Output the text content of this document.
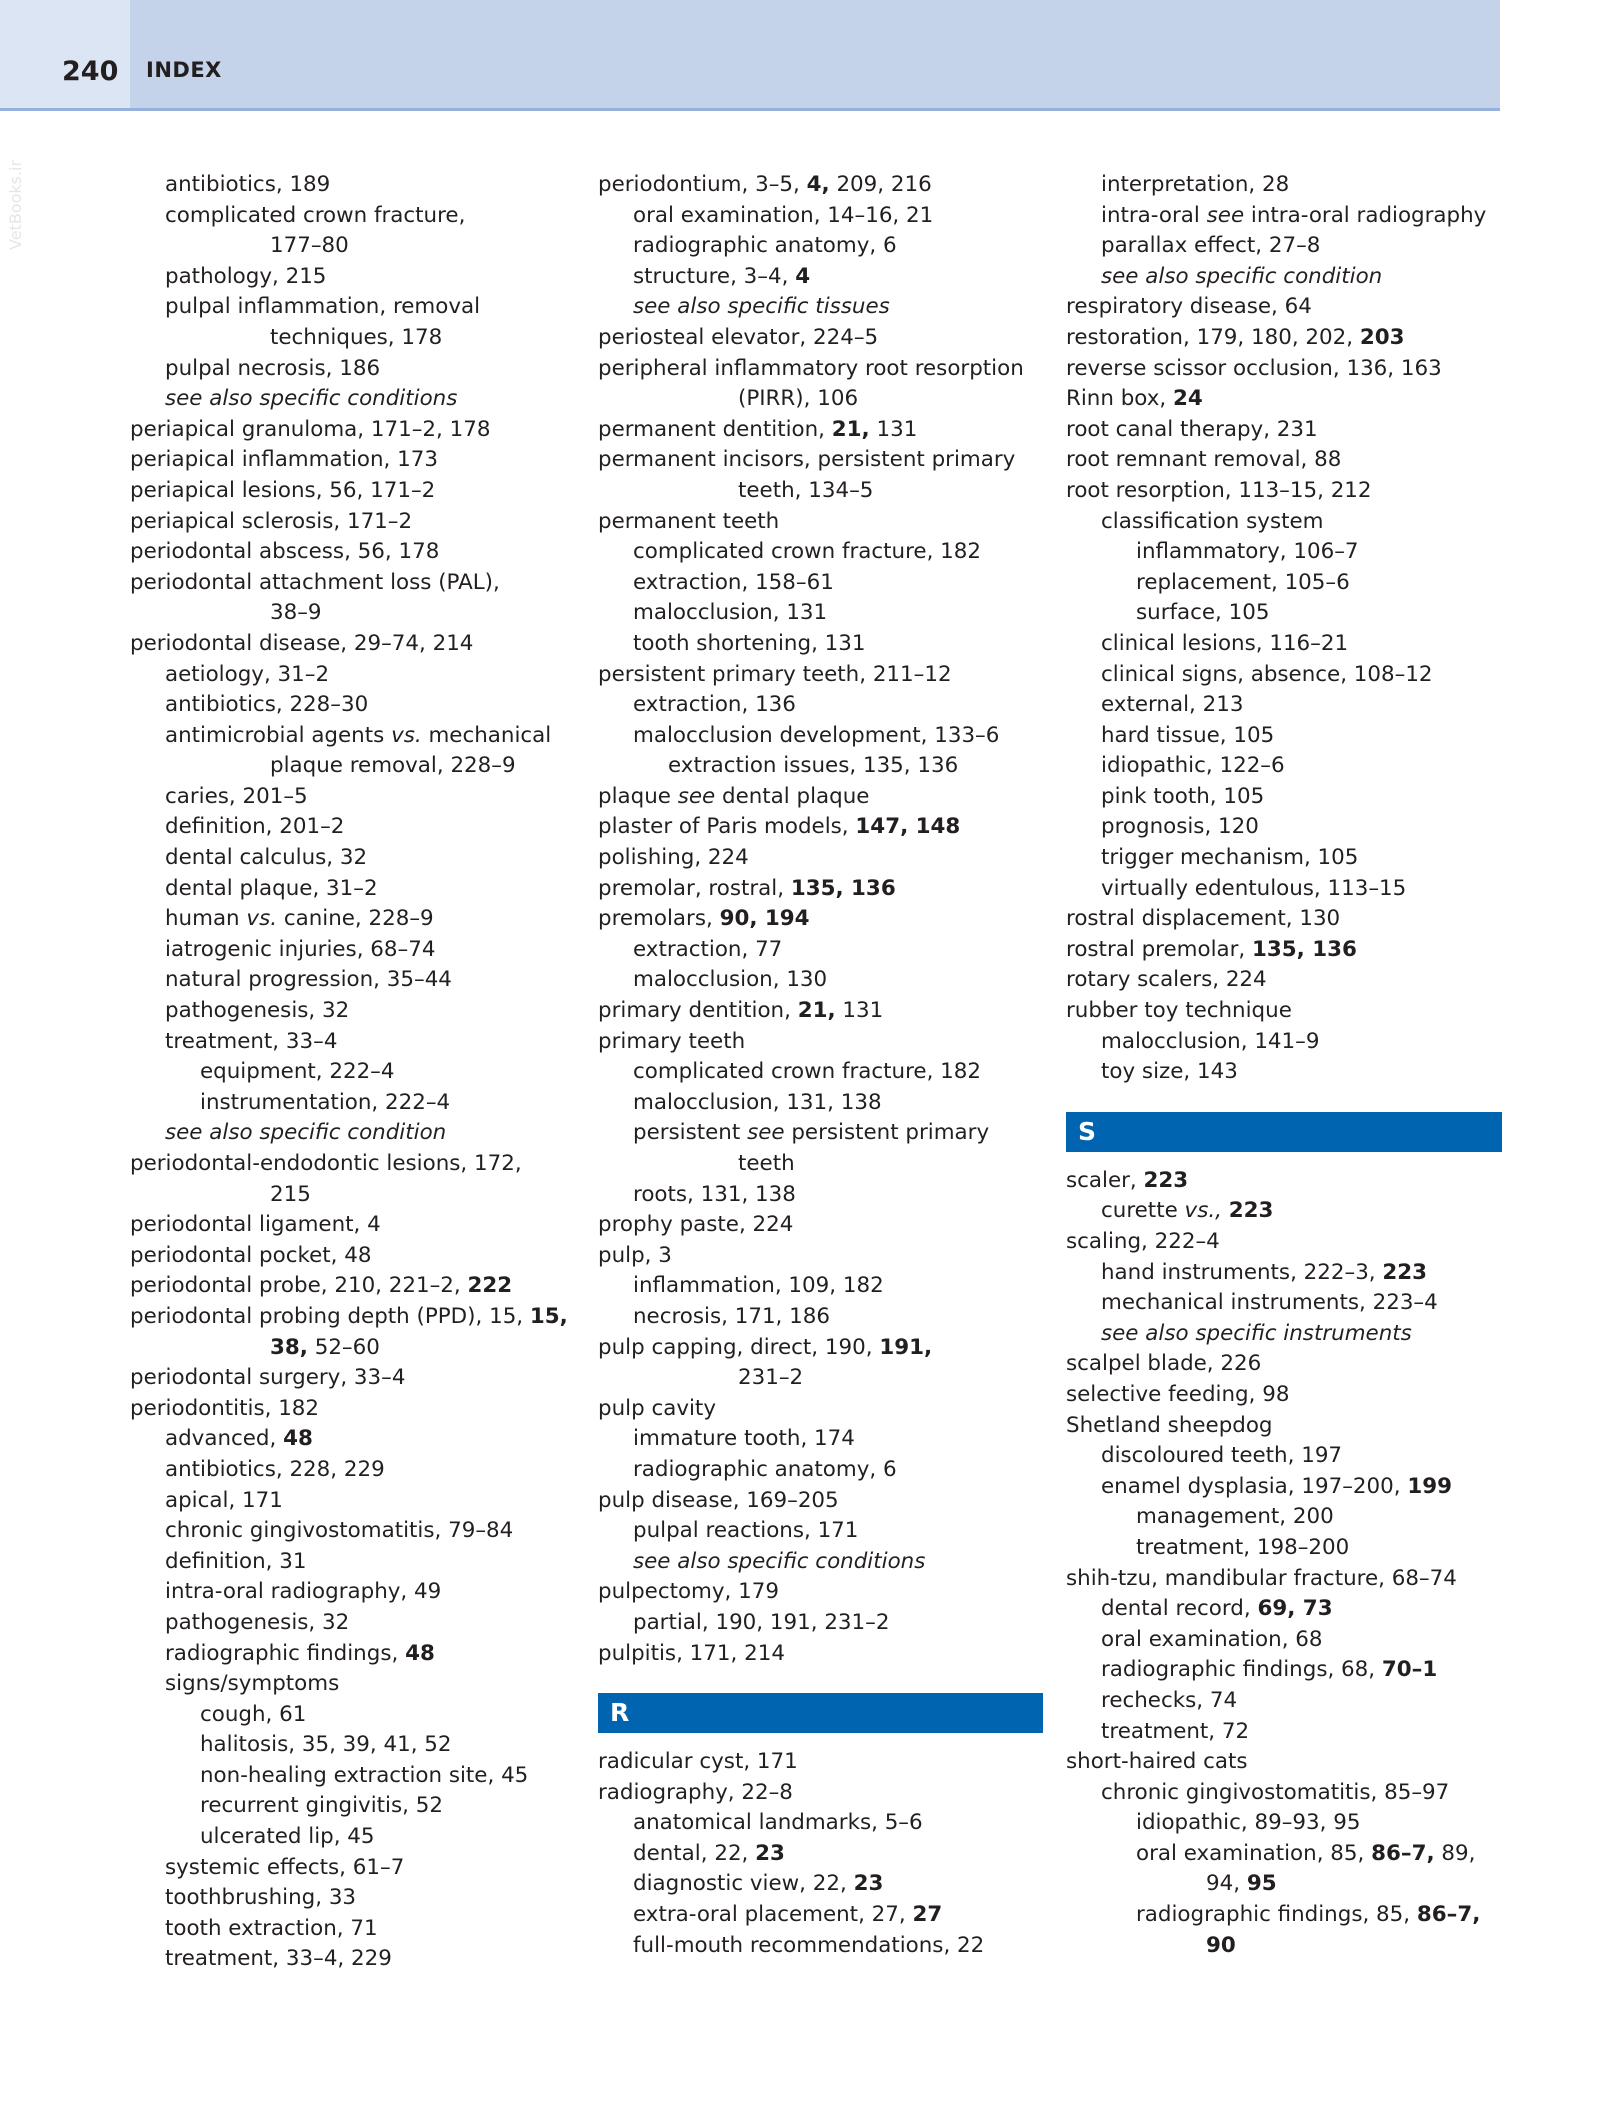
240 INDEX
VetBooks.ir	antibiotics, 189
complicated crown fracture,
177–80
pathology, 215
pulpal inflammation, removal
techniques, 178
pulpal necrosis, 186
see also specific conditions
periapical granuloma, 171–2, 178
periapical inflammation, 173
periapical lesions, 56, 171–2
periapical sclerosis, 171–2
periodontal abscess, 56, 178
periodontal attachment loss (PAL),
38–9
periodontal disease, 29–74, 214
aetiology, 31–2
antibiotics, 228–30
antimicrobial agents vs. mechanical
plaque removal, 228–9
caries, 201–5
definition, 201–2
dental calculus, 32
dental plaque, 31–2
human vs. canine, 228–9
iatrogenic injuries, 68–74
natural progression, 35–44
pathogenesis, 32
treatment, 33–4
equipment, 222–4
instrumentation, 222–4
see also specific condition
periodontal-endodontic lesions, 172,
215
periodontal ligament, 4
periodontal pocket, 48
periodontal probe, 210, 221–2, 222
periodontal probing depth (PPD), 15, 15,
38, 52–60
periodontal surgery, 33–4
periodontitis, 182
advanced, 48
antibiotics, 228, 229
apical, 171
chronic gingivostomatitis, 79–84
definition, 31
intra-oral radiography, 49
pathogenesis, 32
radiographic findings, 48
signs/symptoms
cough, 61
halitosis, 35, 39, 41, 52
non-healing extraction site, 45
recurrent gingivitis, 52
ulcerated lip, 45
systemic effects, 61–7
toothbrushing, 33
tooth extraction, 71
treatment, 33–4, 229
periodontium, 3–5, 4, 209, 216
oral examination, 14–16, 21
radiographic anatomy, 6
structure, 3–4, 4
see also specific tissues
periosteal elevator, 224–5
peripheral inflammatory root resorption
(PIRR), 106
permanent dentition, 21, 131
permanent incisors, persistent primary
teeth, 134–5
permanent teeth
complicated crown fracture, 182
extraction, 158–61
malocclusion, 131
tooth shortening, 131
persistent primary teeth, 211–12
extraction, 136
malocclusion development, 133–6
extraction issues, 135, 136
plaque see dental plaque
plaster of Paris models, 147, 148
polishing, 224
premolar, rostral, 135, 136
premolars, 90, 194
extraction, 77
malocclusion, 130
primary dentition, 21, 131
primary teeth
complicated crown fracture, 182
malocclusion, 131, 138
persistent see persistent primary
teeth
roots, 131, 138
prophy paste, 224
pulp, 3
inflammation, 109, 182
necrosis, 171, 186
pulp capping, direct, 190, 191,
231–2
pulp cavity
immature tooth, 174
radiographic anatomy, 6
pulp disease, 169–205
pulpal reactions, 171
see also specific conditions
pulpectomy, 179
partial, 190, 191, 231–2
pulpitis, 171, 214
R
radicular cyst, 171
radiography, 22–8
anatomical landmarks, 5–6
dental, 22, 23
diagnostic view, 22, 23
extra-oral placement, 27, 27
full-mouth recommendations, 22
interpretation, 28
intra-oral see intra-oral radiography
parallax effect, 27–8
see also specific condition
respiratory disease, 64
restoration, 179, 180, 202, 203
reverse scissor occlusion, 136, 163
Rinn box, 24
root canal therapy, 231
root remnant removal, 88
root resorption, 113–15, 212
classification system
inflammatory, 106–7
replacement, 105–6
surface, 105
clinical lesions, 116–21
clinical signs, absence, 108–12
external, 213
hard tissue, 105
idiopathic, 122–6
pink tooth, 105
prognosis, 120
trigger mechanism, 105
virtually edentulous, 113–15
rostral displacement, 130
rostral premolar, 135, 136
rotary scalers, 224
rubber toy technique
malocclusion, 141–9
toy size, 143
S
scaler, 223
curette vs., 223
scaling, 222–4
hand instruments, 222–3, 223
mechanical instruments, 223–4
see also specific instruments
scalpel blade, 226
selective feeding, 98
Shetland sheepdog
discoloured teeth, 197
enamel dysplasia, 197–200, 199
management, 200
treatment, 198–200
shih-tzu, mandibular fracture, 68–74
dental record, 69, 73
oral examination, 68
radiographic findings, 68, 70–1
rechecks, 74
treatment, 72
short-haired cats
chronic gingivostomatitis, 85–97
idiopathic, 89–93, 95
oral examination, 85, 86–7, 89,
94, 95
radiographic findings, 85, 86–7,
90
